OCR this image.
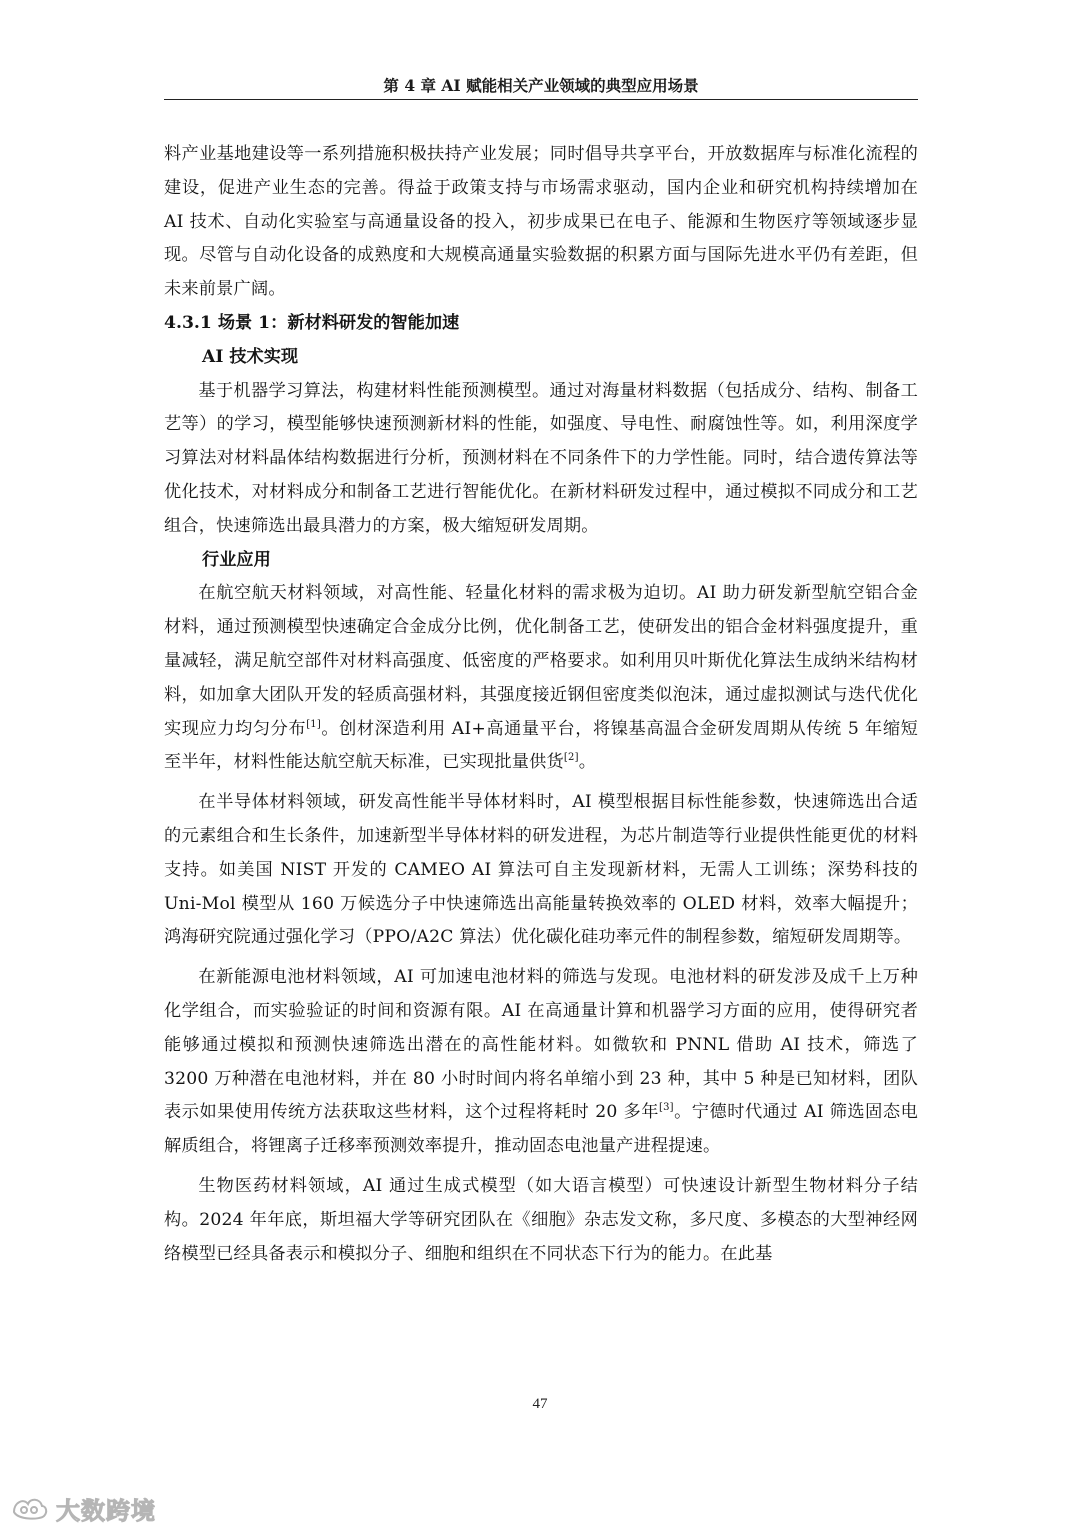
第 4 章 AI 赋能相关产业领域的典型应用场景

料产业基地建设等一系列措施积极扶持产业发展；同时倡导共享平台，开放数据库与标准化流程的建设，促进产业生态的完善。得益于政策支持与市场需求驱动，国内企业和研究机构持续增加在 AI 技术、自动化实验室与高通量设备的投入，初步成果已在电子、能源和生物医疗等领域逐步显现。尽管与自动化设备的成熟度和大规模高通量实验数据的积累方面与国际先进水平仍有差距，但未来前景广阔。

4.3.1 场景 1：新材料研发的智能加速

AI 技术实现

基于机器学习算法，构建材料性能预测模型。通过对海量材料数据（包括成分、结构、制备工艺等）的学习，模型能够快速预测新材料的性能，如强度、导电性、耐腐蚀性等。如，利用深度学习算法对材料晶体结构数据进行分析，预测材料在不同条件下的力学性能。同时，结合遗传算法等优化技术，对材料成分和制备工艺进行智能优化。在新材料研发过程中，通过模拟不同成分和工艺组合，快速筛选出最具潜力的方案，极大缩短研发周期。

行业应用

在航空航天材料领域，对高性能、轻量化材料的需求极为迫切。AI 助力研发新型航空铝合金材料，通过预测模型快速确定合金成分比例，优化制备工艺，使研发出的铝合金材料强度提升，重量减轻，满足航空部件对材料高强度、低密度的严格要求。如利用贝叶斯优化算法生成纳米结构材料，如加拿大团队开发的轻质高强材料，其强度接近钢但密度类似泡沫，通过虚拟测试与迭代优化实现应力均匀分布[1]。创材深造利用 AI+高通量平台，将镍基高温合金研发周期从传统 5 年缩短至半年，材料性能达航空航天标准，已实现批量供货[2]。

在半导体材料领域，研发高性能半导体材料时，AI 模型根据目标性能参数，快速筛选出合适的元素组合和生长条件，加速新型半导体材料的研发进程，为芯片制造等行业提供性能更优的材料支持。如美国 NIST 开发的 CAMEO AI 算法可自主发现新材料，无需人工训练；深势科技的 Uni-Mol 模型从 160 万候选分子中快速筛选出高能量转换效率的 OLED 材料，效率大幅提升；鸿海研究院通过强化学习（PPO/A2C 算法）优化碳化硅功率元件的制程参数，缩短研发周期等。

在新能源电池材料领域，AI 可加速电池材料的筛选与发现。电池材料的研发涉及成千上万种化学组合，而实验验证的时间和资源有限。AI 在高通量计算和机器学习方面的应用，使得研究者能够通过模拟和预测快速筛选出潜在的高性能材料。如微软和 PNNL 借助 AI 技术，筛选了 3200 万种潜在电池材料，并在 80 小时时间内将名单缩小到 23 种，其中 5 种是已知材料，团队表示如果使用传统方法获取这些材料，这个过程将耗时 20 多年[3]。宁德时代通过 AI 筛选固态电解质组合，将锂离子迁移率预测效率提升，推动固态电池量产进程提速。

生物医药材料领域，AI 通过生成式模型（如大语言模型）可快速设计新型生物材料分子结构。2024 年年底，斯坦福大学等研究团队在《细胞》杂志发文称，多尺度、多模态的大型神经网络模型已经具备表示和模拟分子、细胞和组织在不同状态下行为的能力。在此基

47
大数跨境
